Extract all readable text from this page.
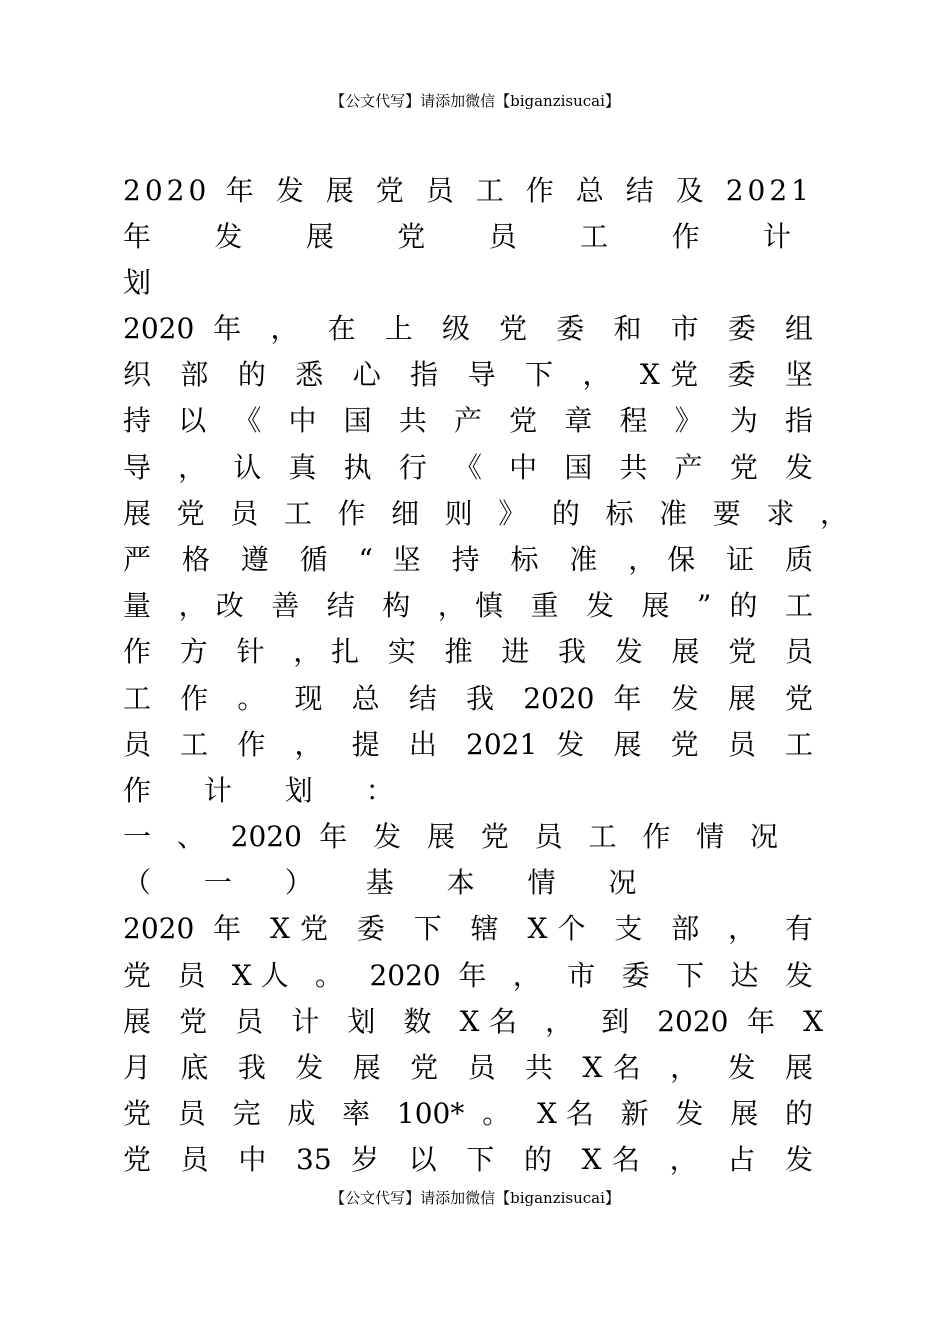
【公文代写】请添加微信【biganzisucai】
2020 年 发 展 党 员 工 作 总 结 及 2021
年 发 展 党 员 工 作 计 划
2020 年 ， 在 上 级 党 委 和 市 委 组
织 部 的 悉 心 指 导 下 ， X党 委 坚
持 以 《 中 国 共 产 党 章 程 》 为 指
导 ， 认 真 执 行 《 中 国 共 产 党 发
展 党 员 工 作 细 则 》 的 标 准 要 求 ，
严 格 遵 循 “ 坚 持 标 准 ，保 证 质
量 ，改 善 结 构 ，慎 重 发 展 ” 的 工
作 方 针 ，扎 实 推 进 我 发 展 党 员
工 作 。 现 总 结 我 2020 年 发 展 党
员 工 作 ， 提 出 2021 发 展 党 员 工
作 计 划 ：
一 、 2020 年 发 展 党 员 工 作 情 况
（ 一 ） 基 本 情 况
2020 年 X党 委 下 辖 X个 支 部 ， 有
党 员 X人 。 2020 年 ， 市 委 下 达 发
展 党 员 计 划 数 X名 ， 到 2020 年 X
月 底 我 发 展 党 员 共 X名 ， 发 展
党 员 完 成 率 100* 。 X名 新 发 展 的
党 员 中 35 岁 以 下 的 X名 ， 占 发
【公文代写】请添加微信【biganzisucai】
